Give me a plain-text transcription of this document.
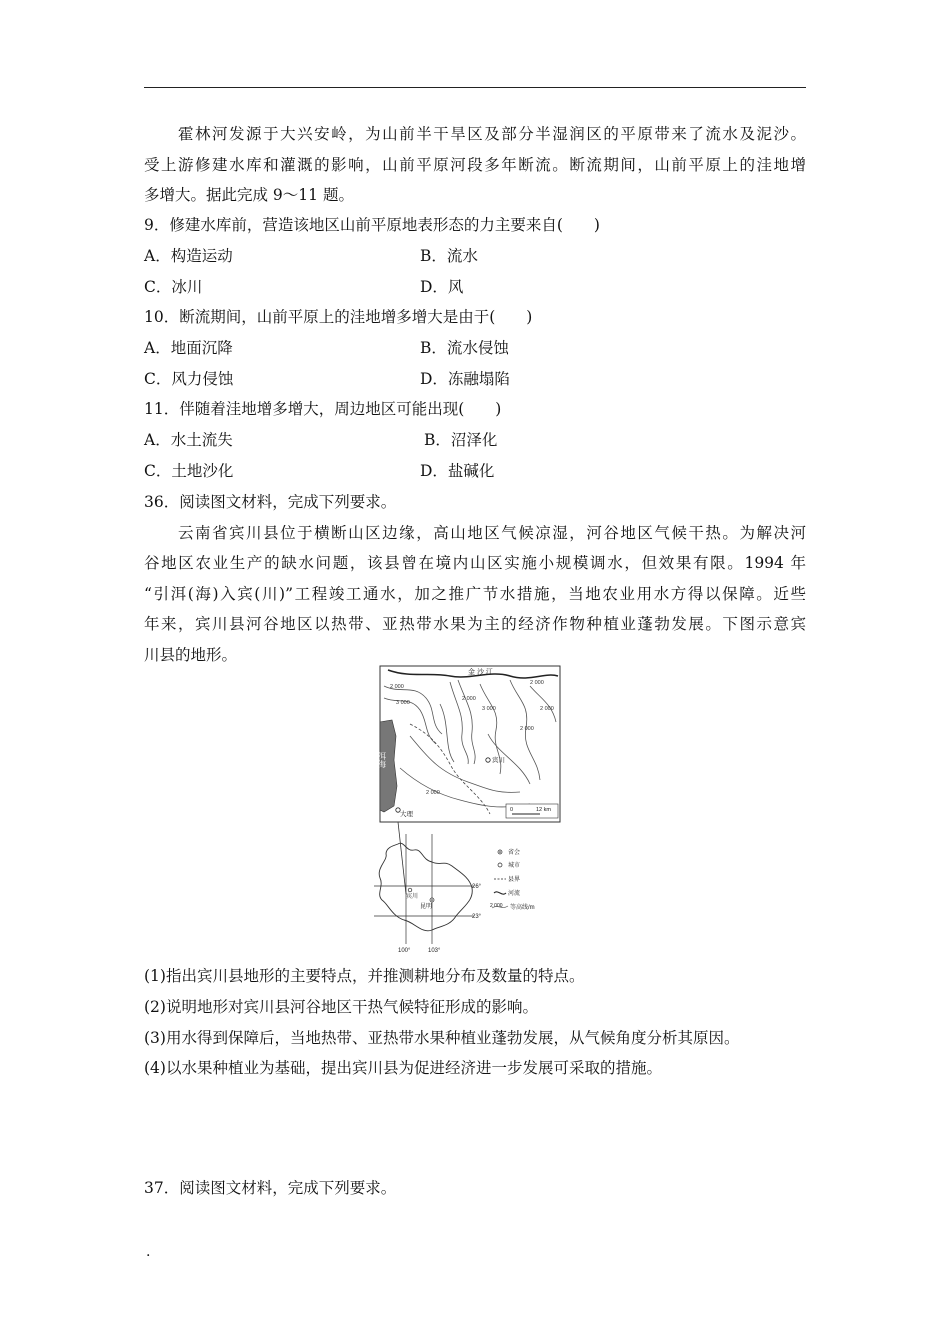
霍林河发源于大兴安岭，为山前半干旱区及部分半湿润区的平原带来了流水及泥沙。
受上游修建水库和灌溉的影响，山前平原河段多年断流。断流期间，山前平原上的洼地增
多增大。据此完成 9～11 题。
9．修建水库前，营造该地区山前平原地表形态的力主要来自(　　)
A．构造运动	B．流水
C．冰川	D．风
10．断流期间，山前平原上的洼地增多增大是由于(　　)
A．地面沉降	B．流水侵蚀
C．风力侵蚀	D．冻融塌陷
11．伴随着洼地增多增大，周边地区可能出现(　　)
A．水土流失	B．沼泽化
C．土地沙化	D．盐碱化
36．阅读图文材料，完成下列要求。
云南省宾川县位于横断山区边缘，高山地区气候凉湿，河谷地区气候干热。为解决河
谷地区农业生产的缺水问题，该县曾在境内山区实施小规模调水，但效果有限。1994 年
“引洱(海)入宾(川)”工程竣工通水，加之推广节水措施，当地农业用水方得以保障。近些
年来，宾川县河谷地区以热带、亚热带水果为主的经济作物种植业蓬勃发展。下图示意宾
川县的地形。
洱海
金 沙 江
2 000
2 000
3 000
2 000
3 000
2 000
2 000
2 000
宾川
大理
0	12 km
26°
23°
100°	103°
宾川
昆明
省会
城市
县界
河流
2 000 等高线/m
(1)指出宾川县地形的主要特点，并推测耕地分布及数量的特点。
(2)说明地形对宾川县河谷地区干热气候特征形成的影响。
(3)用水得到保障后，当地热带、亚热带水果种植业蓬勃发展，从气候角度分析其原因。
(4)以水果种植业为基础，提出宾川县为促进经济进一步发展可采取的措施。
37．阅读图文材料，完成下列要求。
.
